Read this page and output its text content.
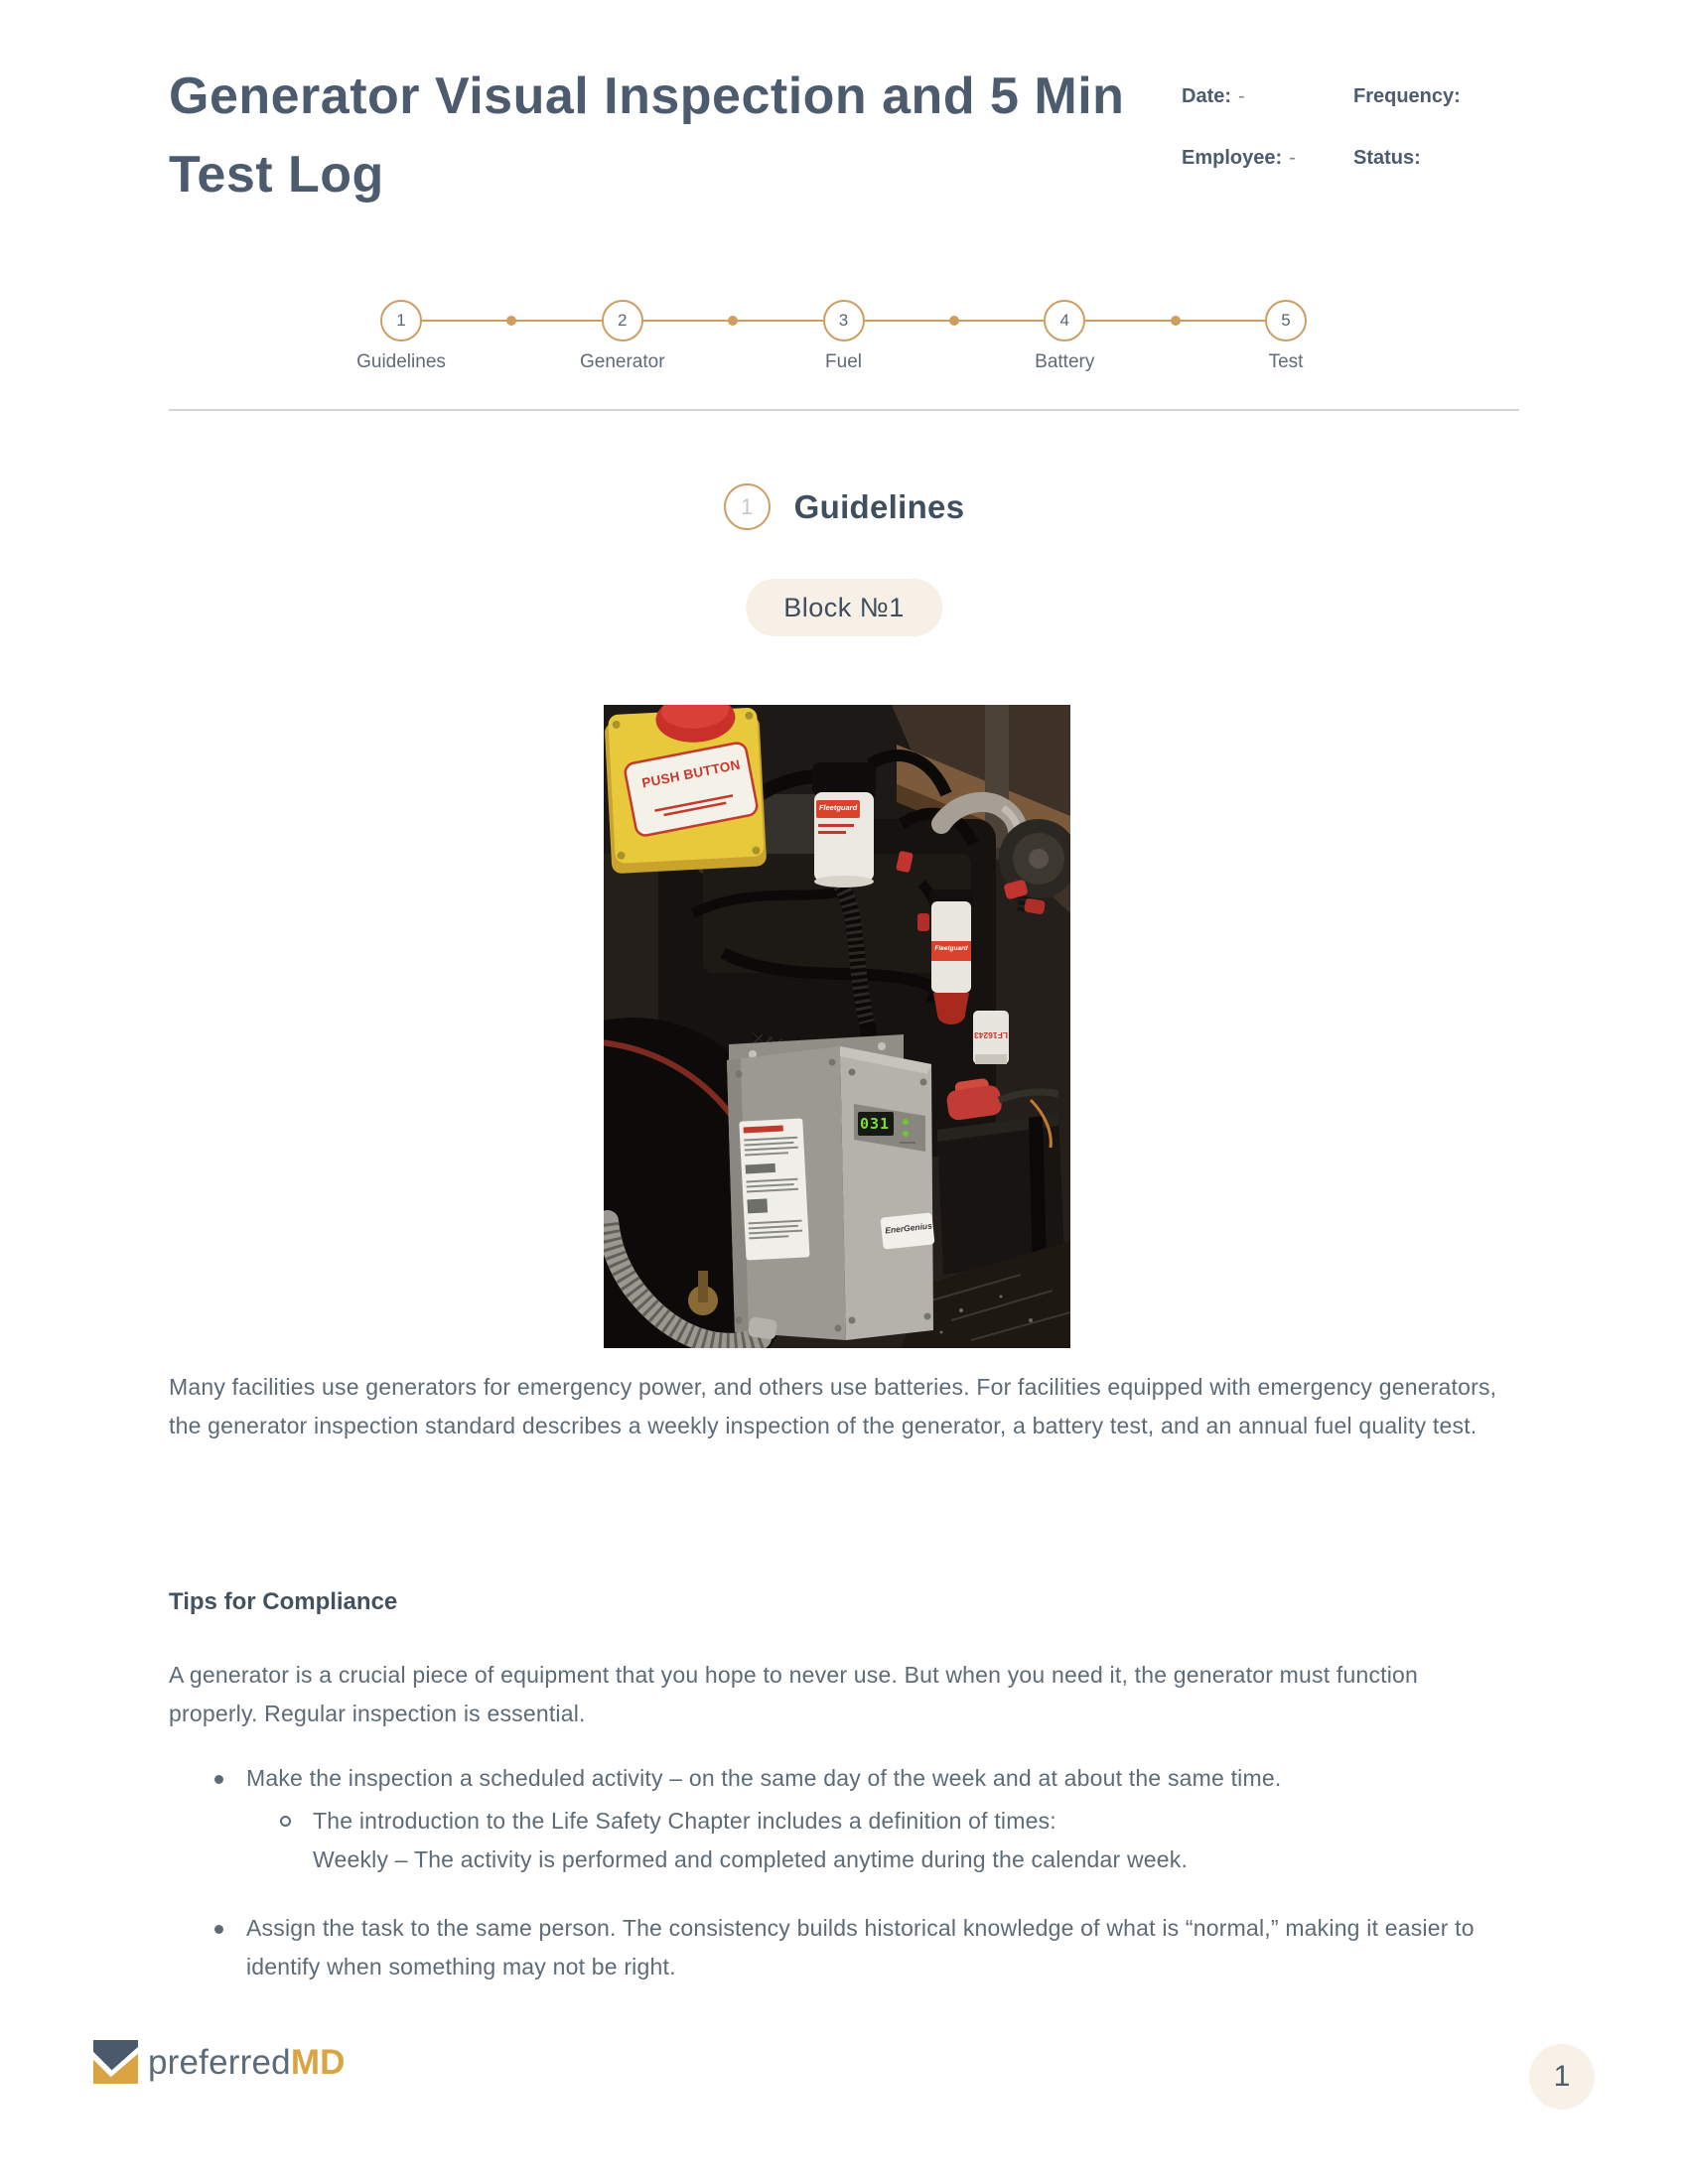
Generator Visual Inspection and 5 Min Test Log
Date: -	Frequency:
Employee: -	Status:
1
Guidelines
2
Generator
3
Fuel
4
Battery
5
Test
1	Guidelines
Block №1
PUSH BUTTON
Fleetguard
Fleetguard
031
EnerGenius
LF16243
Many facilities use generators for emergency power, and others use batteries. For facilities equipped with emergency generators, the generator inspection standard describes a weekly inspection of the generator, a battery test, and an annual fuel quality test.
Tips for Compliance
A generator is a crucial piece of equipment that you hope to never use. But when you need it, the generator must function properly. Regular inspection is essential.
Make the inspection a scheduled activity – on the same day of the week and at about the same time.
The introduction to the Life Safety Chapter includes a definition of times:
Weekly – The activity is performed and completed anytime during the calendar week.
Assign the task to the same person. The consistency builds historical knowledge of what is “normal,” making it easier to identify when something may not be right.
preferredMD	1
